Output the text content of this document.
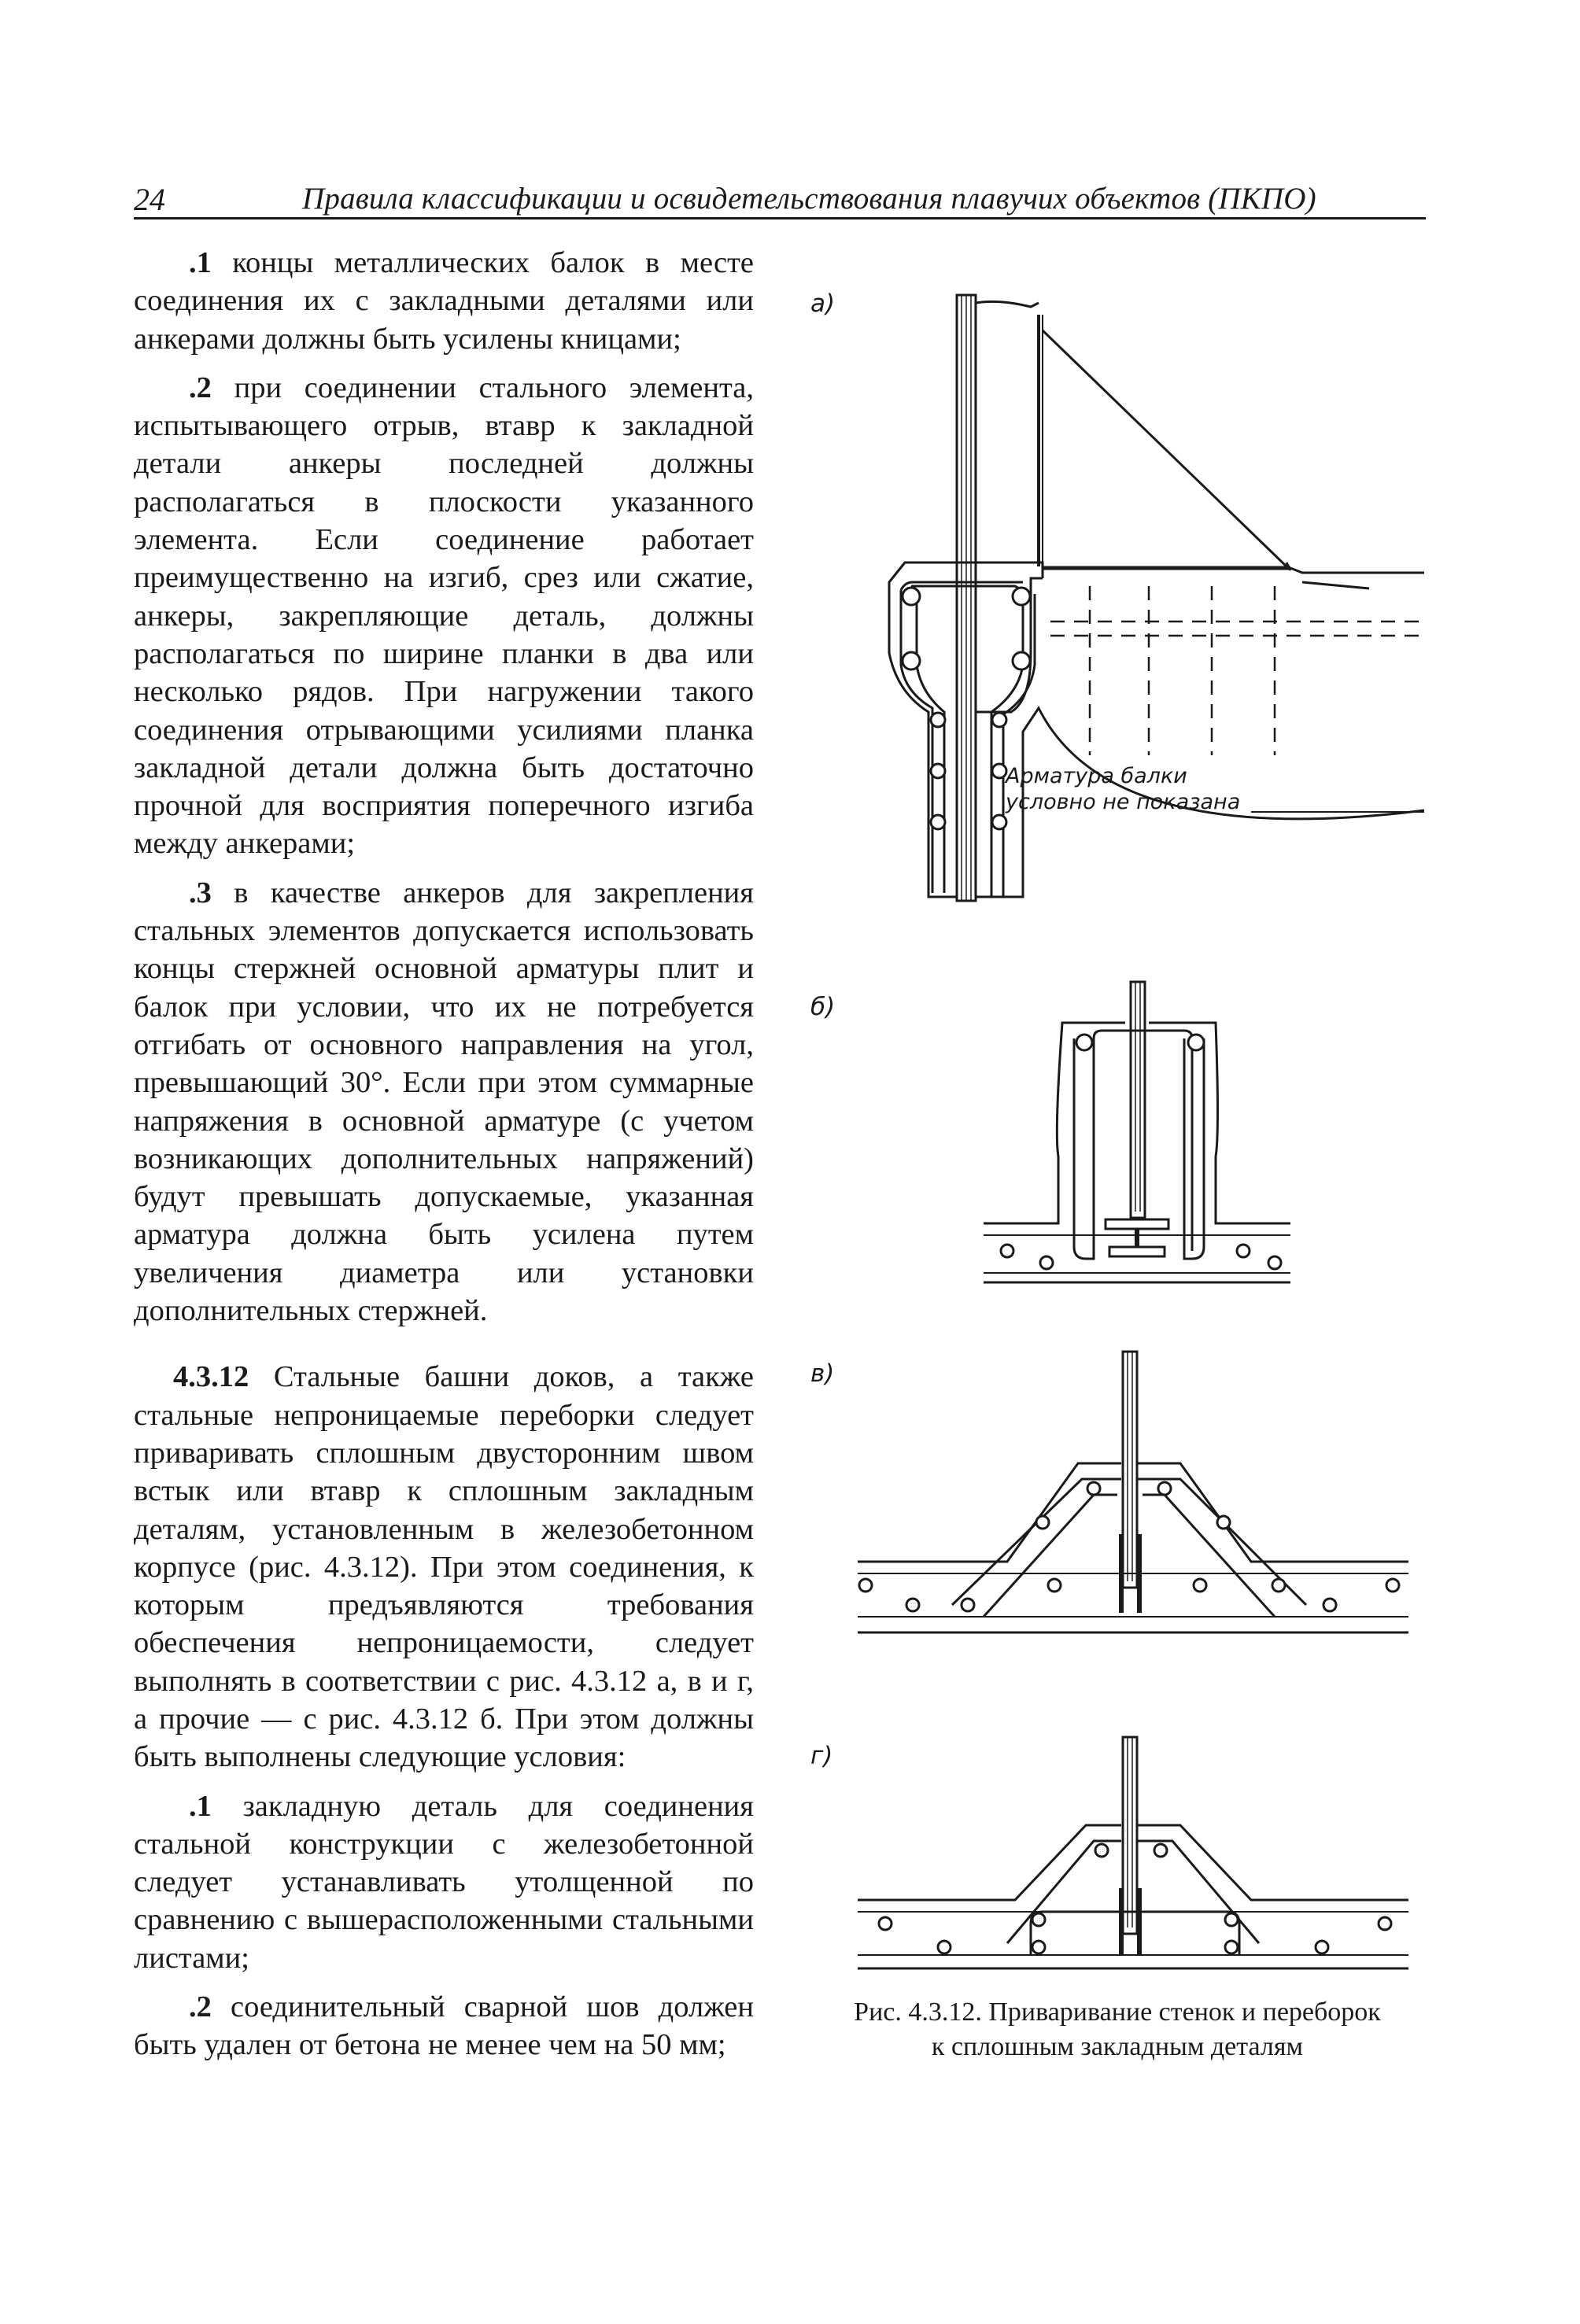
24	Правила классификации и освидетельствования плавучих объектов (ПКПО)

.1 концы металлических балок в месте соединения их с закладными деталями или анкерами должны быть усилены кницами;

.2 при соединении стального элемента, испытывающего отрыв, втавр к закладной детали анкеры последней должны располагаться в плоскости указанного элемента. Если соединение работает преимущественно на изгиб, срез или сжатие, анкеры, закрепляющие деталь, должны располагаться по ширине планки в два или несколько рядов. При нагружении такого соединения отрывающими усилиями планка закладной детали должна быть достаточно прочной для восприятия поперечного изгиба между анкерами;

.3 в качестве анкеров для закрепления стальных элементов допускается использовать концы стержней основной арматуры плит и балок при условии, что их не потребуется отгибать от основного направления на угол, превышающий 30°. Если при этом суммарные напряжения в основной арматуре (с учетом возникающих дополнительных напряжений) будут превышать допускаемые, указанная арматура должна быть усилена путем увеличения диаметра или установки дополнительных стержней.

4.3.12 Стальные башни доков, а также стальные непроницаемые переборки следует приваривать сплошным двусторонним швом встык или втавр к сплошным закладным деталям, установленным в железобетонном корпусе (рис. 4.3.12). При этом соединения, к которым предъявляются требования обеспечения непроницаемости, следует выполнять в соответствии с рис. 4.3.12 а, в и г, а прочие — с рис. 4.3.12 б. При этом должны быть выполнены следующие условия:

.1 закладную деталь для соединения стальной конструкции с железобетонной следует устанавливать утолщенной по сравнению с вышерасположенными стальными листами;

.2 соединительный сварной шов должен быть удален от бетона не менее чем на 50 мм;

а)
б)
в)
г)
Арматура балки
условно не показана
Рис. 4.3.12. Приваривание стенок и переборок
к сплошным закладным деталям
